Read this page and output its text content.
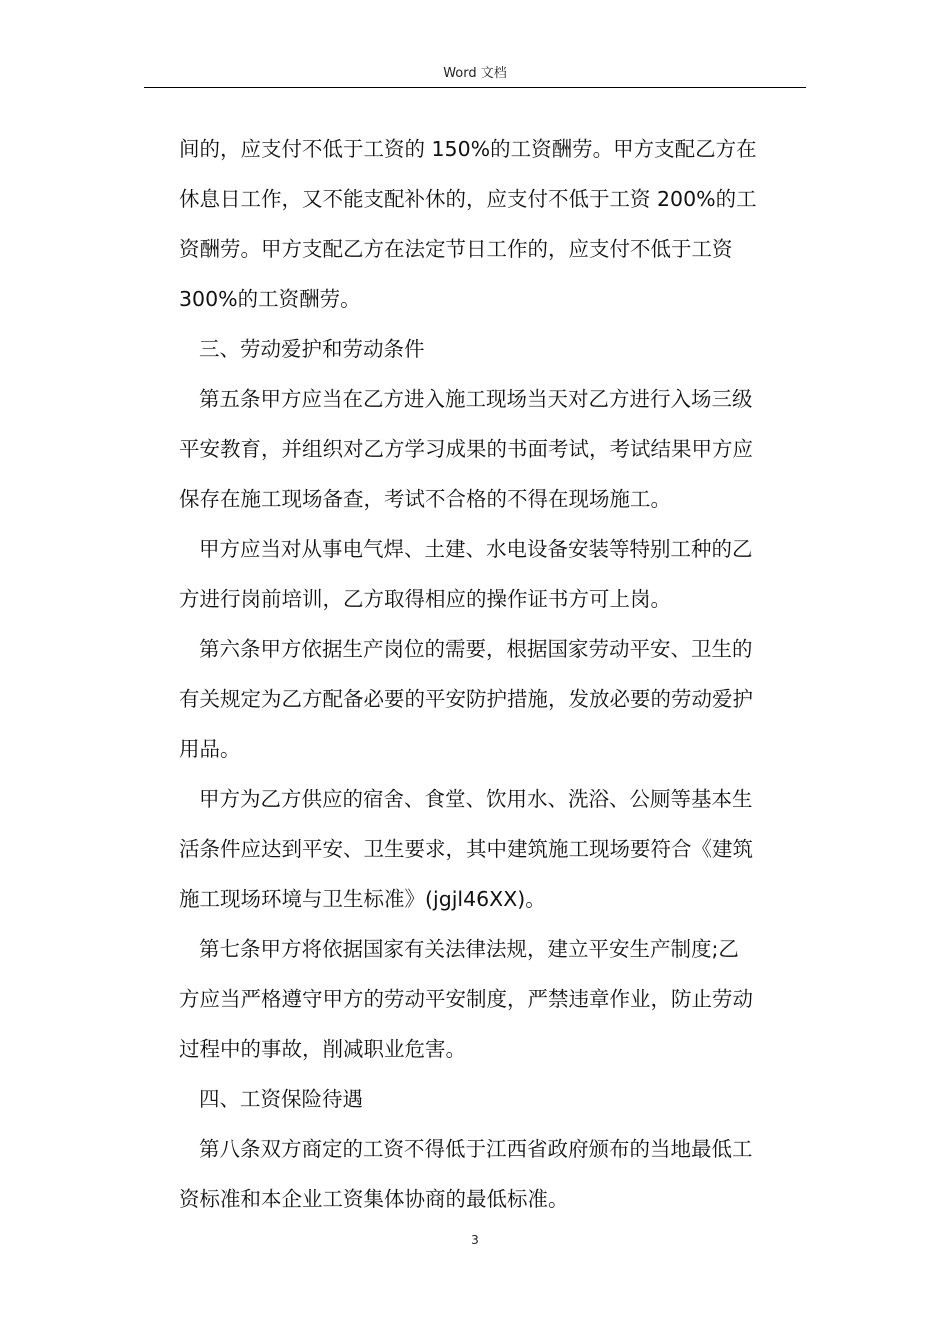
Word 文档

间的，应支付不低于工资的 150%的工资酬劳。甲方支配乙方在

休息日工作，又不能支配补休的，应支付不低于工资 200%的工

资酬劳。甲方支配乙方在法定节日工作的，应支付不低于工资

300%的工资酬劳。

三、劳动爱护和劳动条件

第五条甲方应当在乙方进入施工现场当天对乙方进行入场三级

平安教育，并组织对乙方学习成果的书面考试，考试结果甲方应

保存在施工现场备查，考试不合格的不得在现场施工。

甲方应当对从事电气焊、土建、水电设备安装等特别工种的乙

方进行岗前培训，乙方取得相应的操作证书方可上岗。

第六条甲方依据生产岗位的需要，根据国家劳动平安、卫生的

有关规定为乙方配备必要的平安防护措施，发放必要的劳动爱护

用品。

甲方为乙方供应的宿舍、食堂、饮用水、洗浴、公厕等基本生

活条件应达到平安、卫生要求，其中建筑施工现场要符合《建筑

施工现场环境与卫生标准》(jgjl46XX)。

第七条甲方将依据国家有关法律法规，建立平安生产制度;乙

方应当严格遵守甲方的劳动平安制度，严禁违章作业，防止劳动

过程中的事故，削减职业危害。

四、工资保险待遇

第八条双方商定的工资不得低于江西省政府颁布的当地最低工

资标准和本企业工资集体协商的最低标准。

3
